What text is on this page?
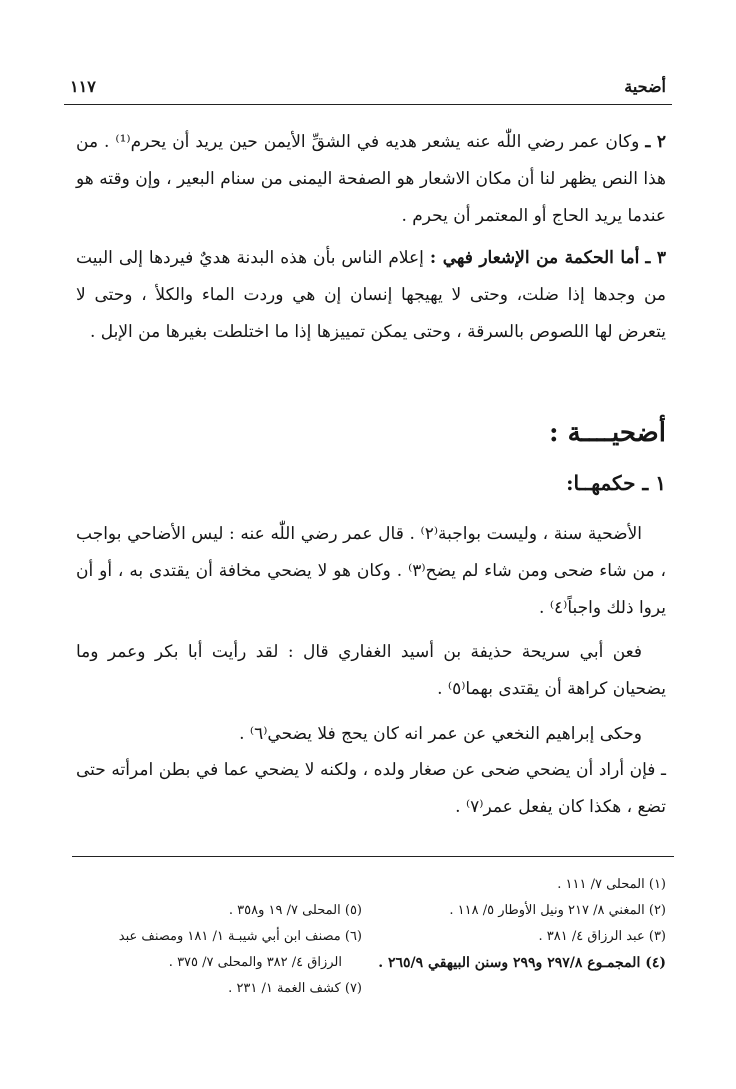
أضحية
١١٧

٢ ـ وكان عمر رضي اللّٰه عنه يشعر هديه في الشقِّ الأيمن حين يريد أن يحرم⁽¹⁾ . من هذا النص يظهر لنا أن مكان الاشعار هو الصفحة اليمنى من سنام البعير ، وإن وقته هو عندما يريد الحاج أو المعتمر أن يحرم .

٣ ـ أما الحكمة من الإشعار فهي : إعلام الناس بأن هذه البدنة هديٌ فيردها إلى البيت من وجدها إذا ضلت، وحتى لا يهيجها إنسان إن هي وردت الماء والكلأ ، وحتى لا يتعرض لها اللصوص بالسرقة ، وحتى يمكن تمييزها إذا ما اختلطت بغيرها من الإبل .

أضحيــــة :
١ ـ حكمهــا:

الأضحية سنة ، وليست بواجبة⁽٢⁾ . قال عمر رضي اللّٰه عنه : ليس الأضاحي بواجب ، من شاء ضحى ومن شاء لم يضح⁽٣⁾ . وكان هو لا يضحي مخافة أن يقتدى به ، أو أن يروا ذلك واجباً⁽٤⁾ .

فعن أبي سريحة حذيفة بن أسيد الغفاري قال : لقد رأيت أبا بكر وعمر وما يضحيان كراهة أن يقتدى بهما⁽٥⁾ .

وحكى إبراهيم النخعي عن عمر انه كان يحج فلا يضحي⁽٦⁾ .

ـ فإن أراد أن يضحي ضحى عن صغار ولده ، ولكنه لا يضحي عما في بطن امرأته حتى تضع ، هكذا كان يفعل عمر⁽٧⁾ .

(١) المحلى ٧/ ١١١ .

(٢) المغني ٨/ ٢١٧ ونيل الأوطار ٥/ ١١٨ .

(٣) عبد الرزاق ٤/ ٣٨١ .

(٤) المجمـوع ٢٩٧/٨ و٢٩٩ وسنن البيهقي ٢٦٥/٩ .

(٥) المحلى ٧/ ١٩ و٣٥٨ .

(٦) مصنف ابن أبي شيبـة ١/ ١٨١ ومصنف عبد

الرزاق ٤/ ٣٨٢ والمحلى ٧/ ٣٧٥ .

(٧) كشف الغمة ١/ ٢٣١ .
